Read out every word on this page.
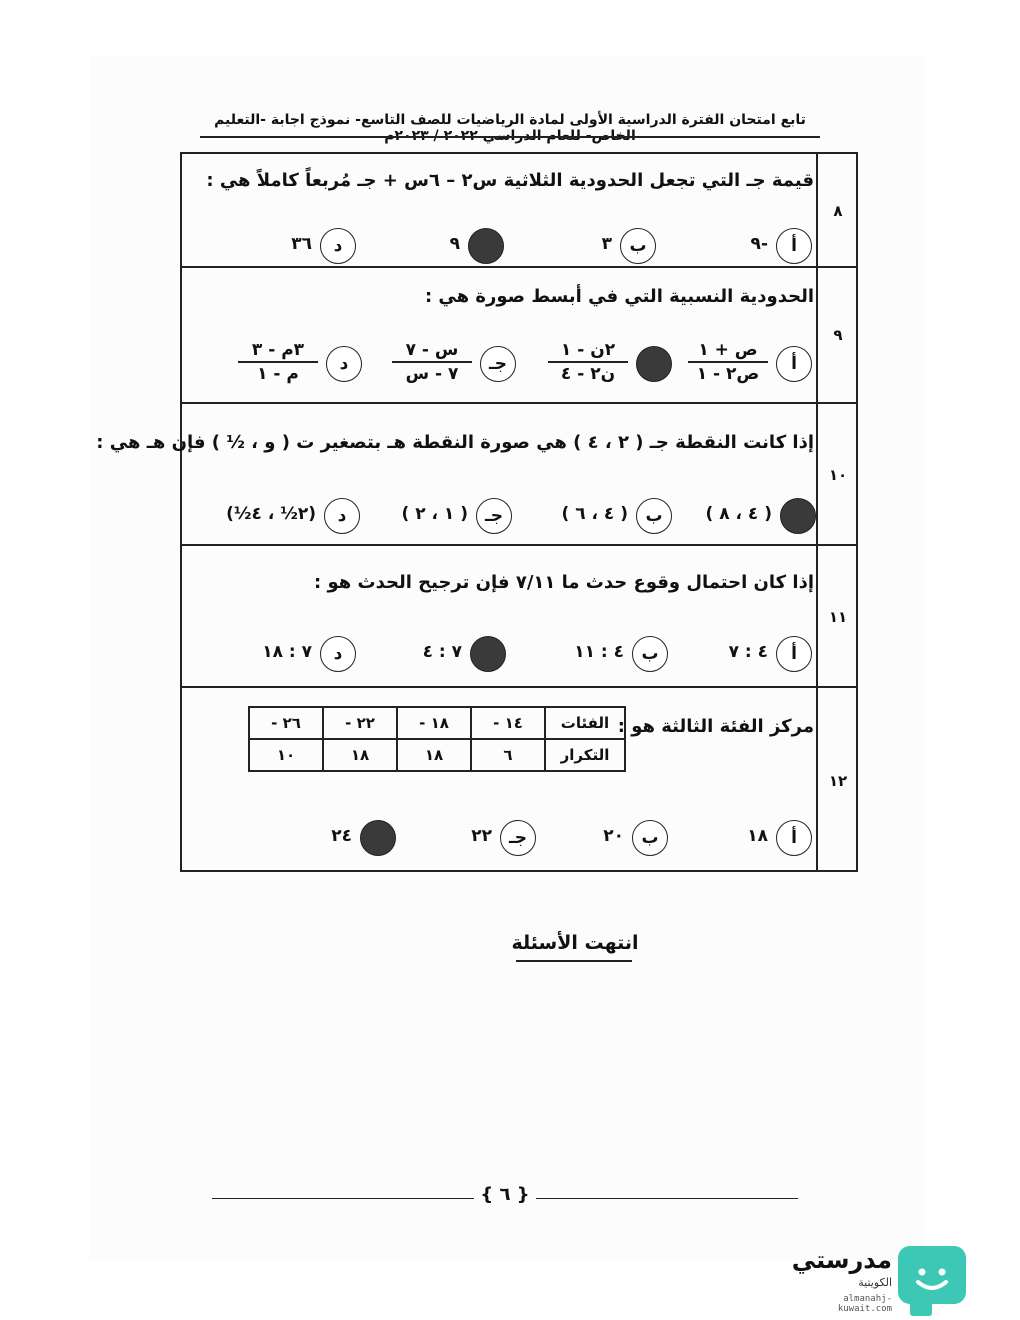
تابع امتحان الفترة الدراسية الأولى لمادة الرياضيات للصف التاسع- نموذج اجابة -التعليم الخاص- للعام الدراسي ٢٠٢٢ / ٢٠٢٣م
٨
قيمة جـ التي تجعل الحدودية الثلاثية س٢ – ٦س + جـ مُربعاً كاملاً هي :
أ
-٩
ب
٣
جـ
٩
د
٣٦
٩
الحدودية النسبية التي في أبسط صورة هي :
أ
ص + ١
ص٢ - ١
ب
٢ن - ١
ن٢ - ٤
جـ
س - ٧
٧ - س
د
٣م - ٣
م - ١
١٠
إذا كانت النقطة جـ ( ٢ ، ٤ ) هي صورة النقطة هـ بتصغير ت ( و ، ½ ) فإن هـ هي :
أ
( ٤ ، ٨ )
ب
( ٤ ، ٦ )
جـ
( ١ ، ٢ )
د
(٢½ ، ٤½)
١١
إذا كان احتمال وقوع حدث ما ٧/١١ فإن ترجيح الحدث هو :
أ
٤ : ٧
ب
٤ : ١١
جـ
٧ : ٤
د
٧ : ١٨
١٢
مركز الفئة الثالثة هو :
الفئات	١٤ -	١٨ -	٢٢ -	٢٦ -
التكرار	٦	١٨	١٨	١٠
أ
١٨
ب
٢٠
جـ
٢٢
د
٢٤
انتهت الأسئلة
{ ٦ }
مدرستي
الكويتية
almanahj-kuwait.com
